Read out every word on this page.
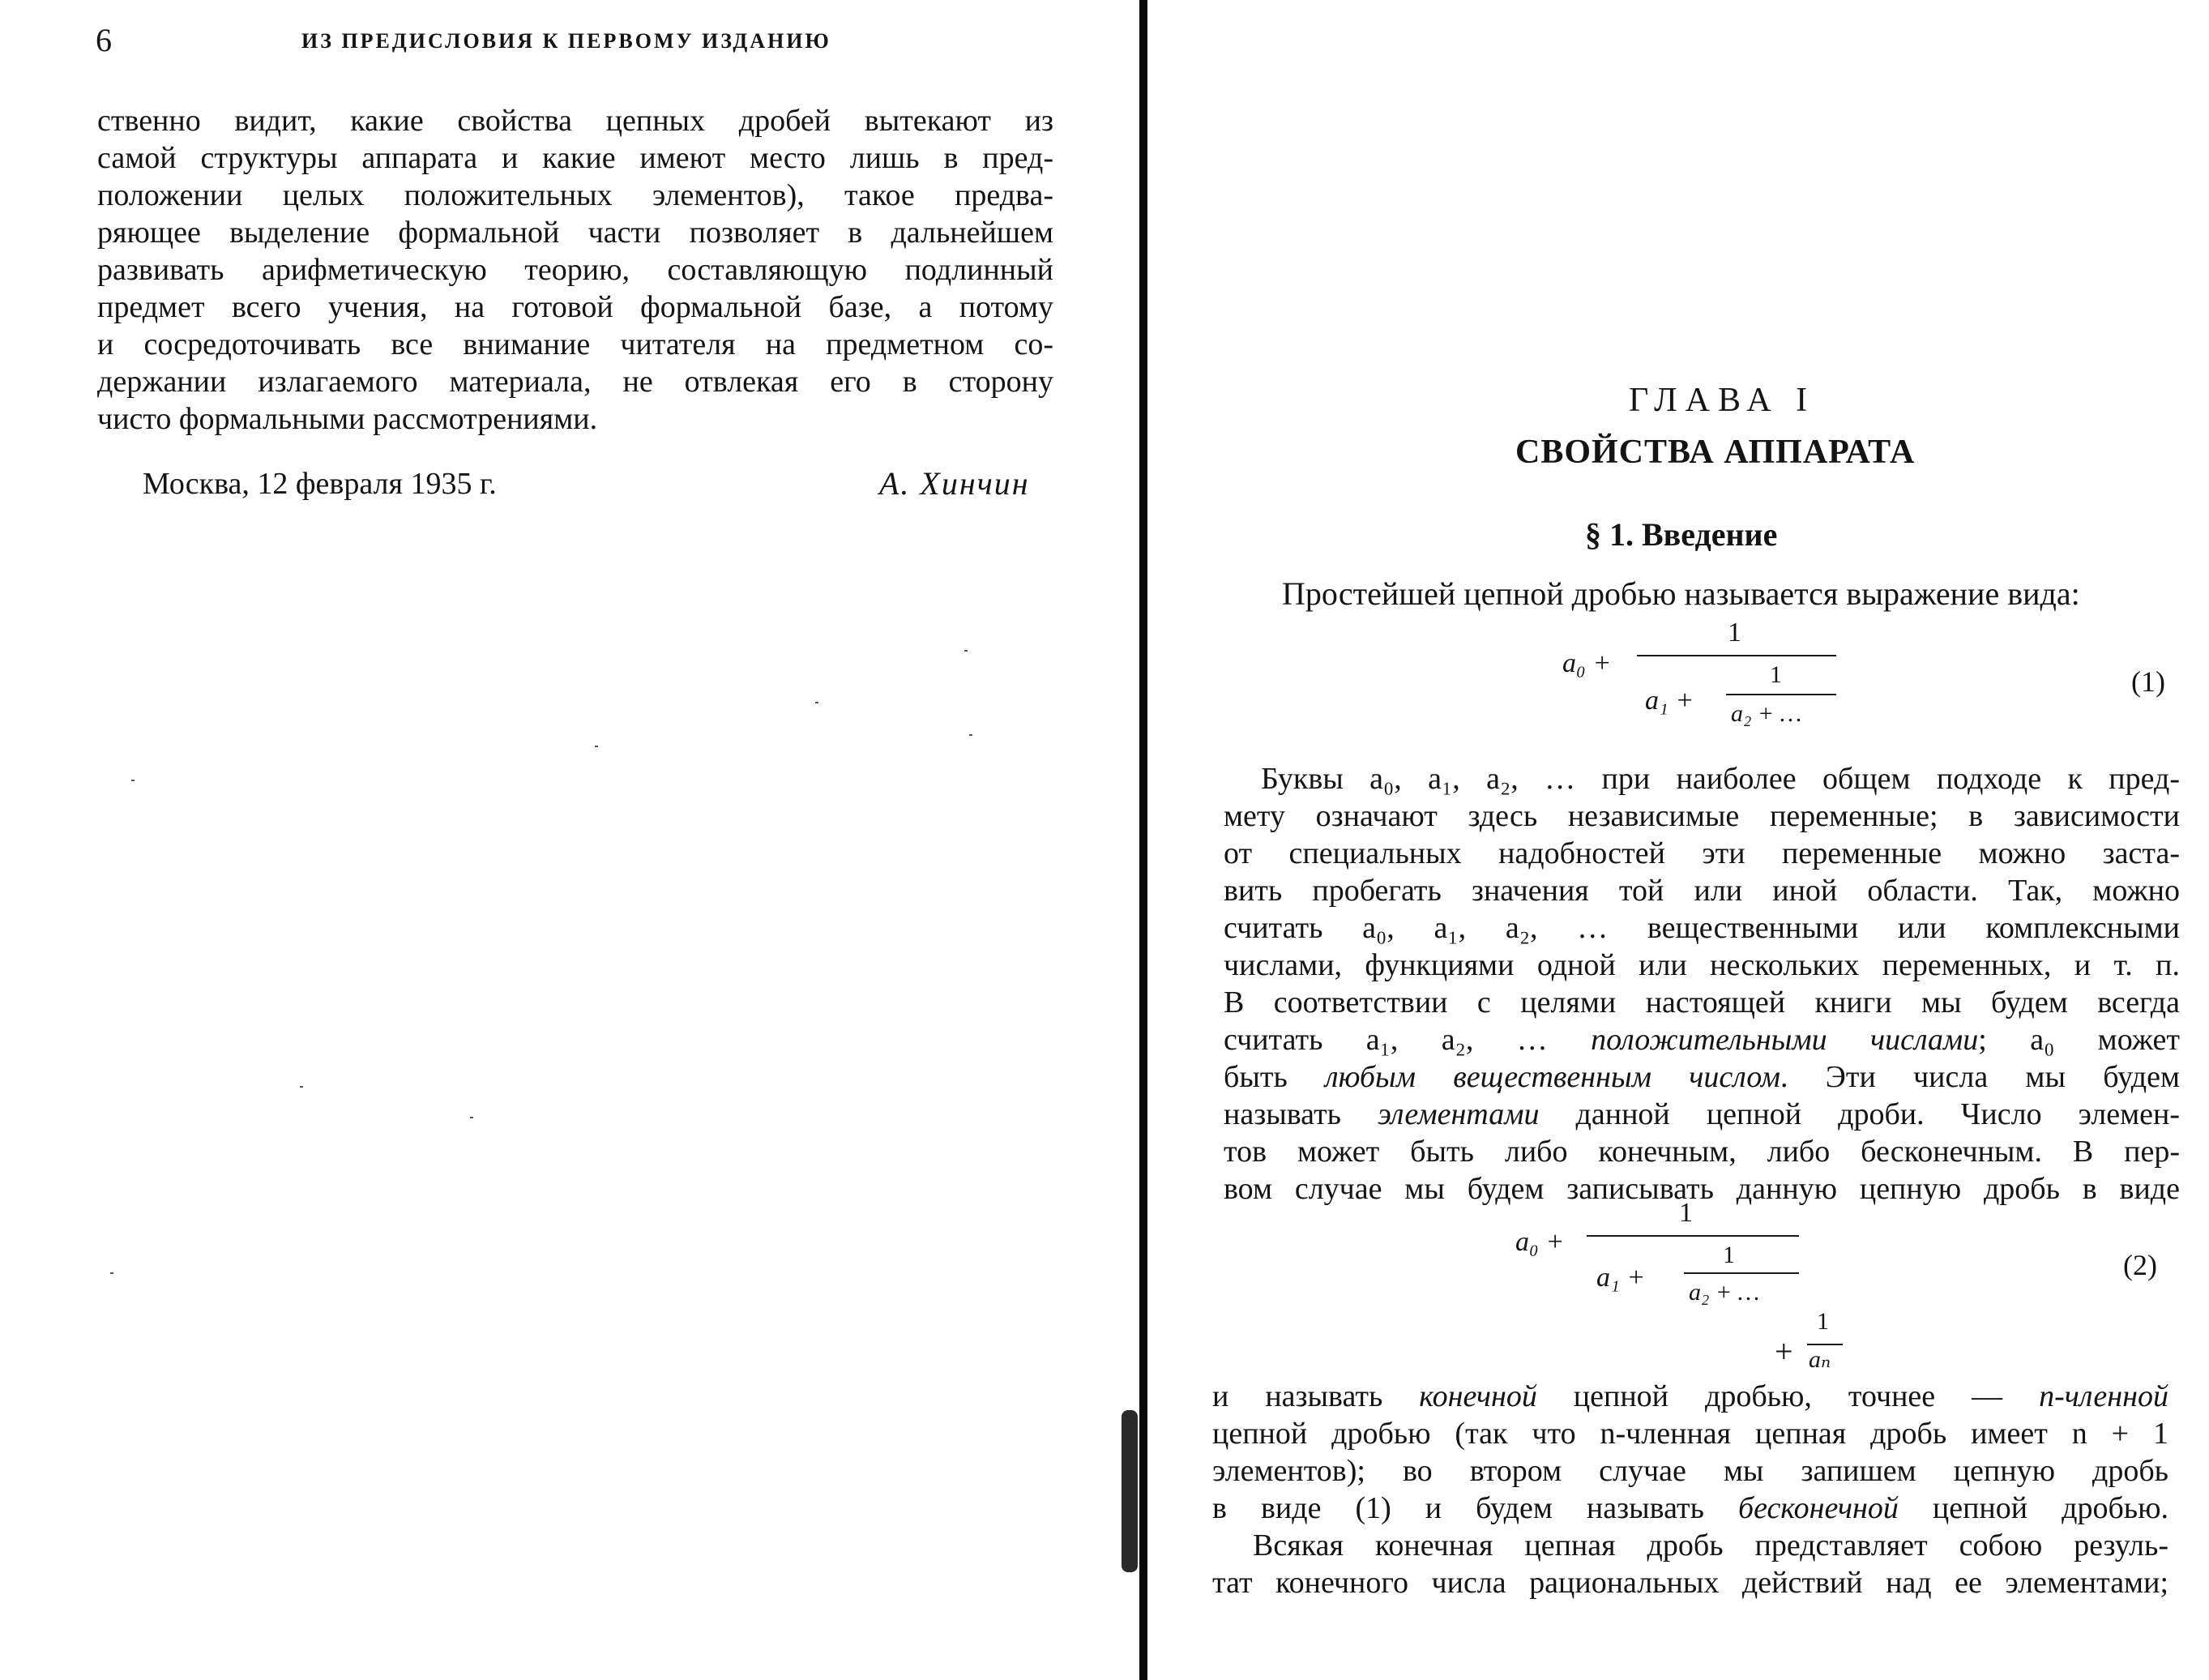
6	ИЗ ПРЕДИСЛОВИЯ К ПЕРВОМУ ИЗДАНИЮ
ственно видит, какие свойства цепных дробей вытекают из
самой структуры аппарата и какие имеют место лишь в пред-
положении целых положительных элементов), такое предва-
ряющее выделение формальной части позволяет в дальнейшем
развивать арифметическую теорию, составляющую подлинный
предмет всего учения, на готовой формальной базе, а потому
и сосредоточивать все внимание читателя на предметном со-
держании излагаемого материала, не отвлекая его в сторону
чисто формальными рассмотрениями.
Москва, 12 февраля 1935 г.	А. Хинчин
ГЛАВА I
СВОЙСТВА АППАРАТА
§ 1. Введение
Простейшей цепной дробью называется выражение вида:
a₀ +
1
a₁ +
1
a₂ + …
(1)
Буквы a₀, a₁, a₂, … при наиболее общем подходе к пред-
мету означают здесь независимые переменные; в зависимости
от специальных надобностей эти переменные можно заста-
вить пробегать значения той или иной области. Так, можно
считать a₀, a₁, a₂, … вещественными или комплексными
числами, функциями одной или нескольких переменных, и т. п.
В соответствии с целями настоящей книги мы будем всегда
считать a₁, a₂, … положительными числами; a₀ может
быть любым вещественным числом. Эти числа мы будем
называть элементами данной цепной дроби. Число элемен-
тов может быть либо конечным, либо бесконечным. В пер-
вом случае мы будем записывать данную цепную дробь в виде
a₀ +
1
a₁ +
1
a₂ + …
+
1
aₙ
(2)
и называть конечной цепной дробью, точнее — n-членной
цепной дробью (так что n-членная цепная дробь имеет n + 1
элементов); во втором случае мы запишем цепную дробь
в виде (1) и будем называть бесконечной цепной дробью.
Всякая конечная цепная дробь представляет собою резуль-
тат конечного числа рациональных действий над ее элементами;
